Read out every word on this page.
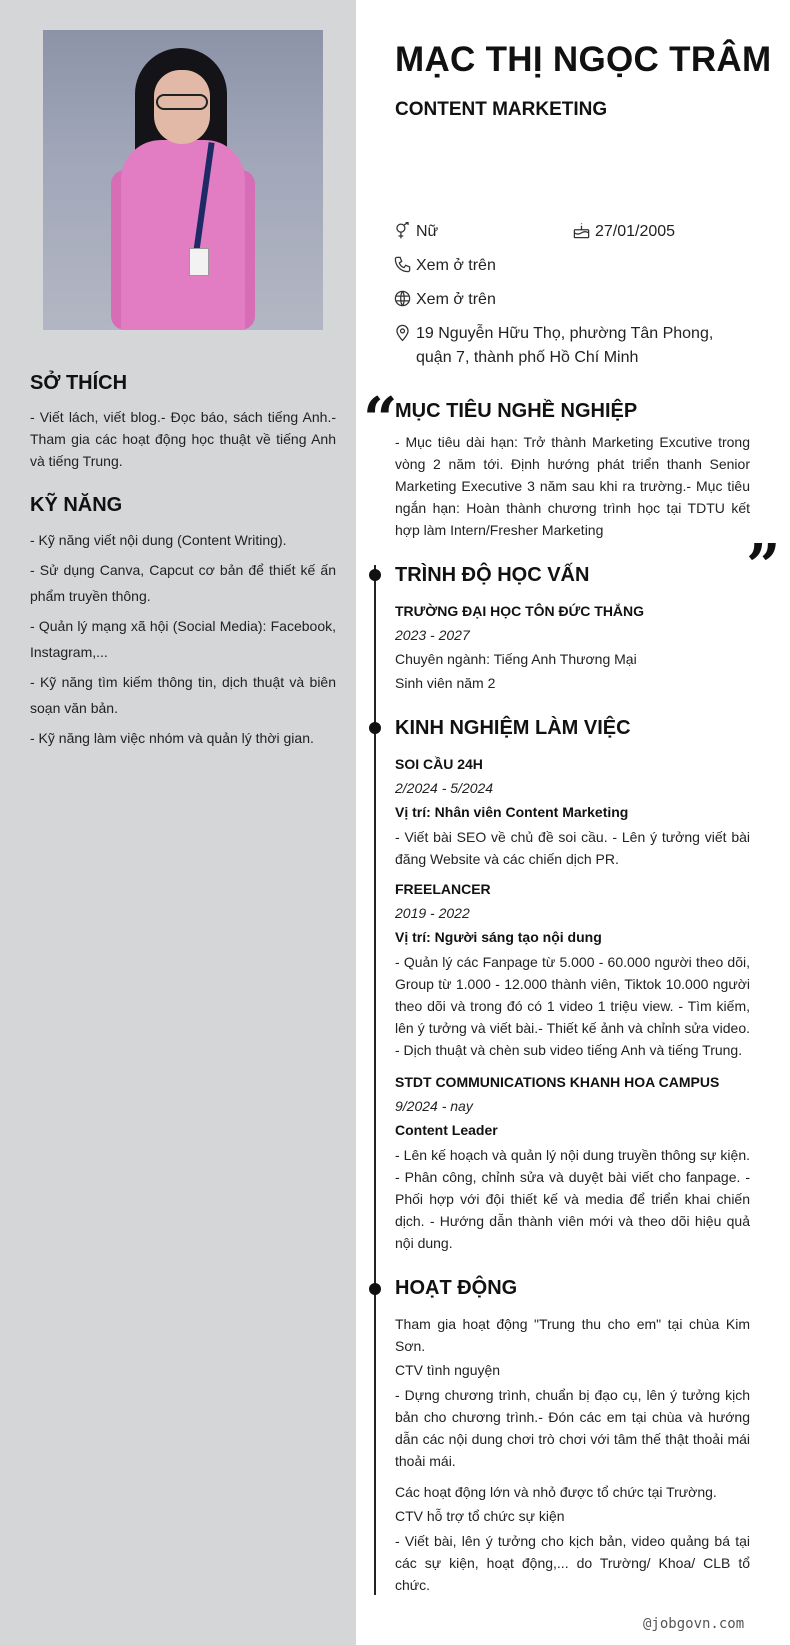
SỞ THÍCH

- Viết lách, viết blog.- Đọc báo, sách tiếng Anh.- Tham gia các hoạt động học thuật về tiếng Anh và tiếng Trung.

KỸ NĂNG

- Kỹ năng viết nội dung (Content Writing).

- Sử dụng Canva, Capcut cơ bản để thiết kế ấn phẩm truyền thông.

- Quản lý mạng xã hội (Social Media): Facebook, Instagram,...

- Kỹ năng tìm kiếm thông tin, dịch thuật và biên soạn văn bản.

- Kỹ năng làm việc nhóm và quản lý thời gian.

MẠC THỊ NGỌC TRÂM
CONTENT MARKETING
Nữ	27/01/2005
Xem ở trên
Xem ở trên
19 Nguyễn Hữu Thọ, phường Tân Phong, quận 7, thành phố Hồ Chí Minh
“
MỤC TIÊU NGHỀ NGHIỆP

- Mục tiêu dài hạn: Trở thành Marketing Excutive trong vòng 2 năm tới. Định hướng phát triển thanh Senior Marketing Executive 3 năm sau khi ra trường.- Mục tiêu ngắn hạn: Hoàn thành chương trình học tại TDTU kết hợp làm Intern/Fresher Marketing

”
TRÌNH ĐỘ HỌC VẤN
TRƯỜNG ĐẠI HỌC TÔN ĐỨC THẮNG
2023 - 2027
Chuyên ngành: Tiếng Anh Thương Mại
Sinh viên năm 2
KINH NGHIỆM LÀM VIỆC
SOI CẦU 24H
2/2024 - 5/2024
Vị trí: Nhân viên Content Marketing

- Viết bài SEO về chủ đề soi cầu. - Lên ý tưởng viết bài đăng Website và các chiến dịch PR.

FREELANCER
2019 - 2022
Vị trí: Người sáng tạo nội dung

- Quản lý các Fanpage từ 5.000 - 60.000 người theo dõi, Group từ 1.000 - 12.000 thành viên, Tiktok 10.000 người theo dõi và trong đó có 1 video 1 triệu view. - Tìm kiếm, lên ý tưởng và viết bài.- Thiết kế ảnh và chỉnh sửa video. - Dịch thuật và chèn sub video tiếng Anh và tiếng Trung.

STDT COMMUNICATIONS KHANH HOA CAMPUS
9/2024 - nay
Content Leader

- Lên kế hoạch và quản lý nội dung truyền thông sự kiện. - Phân công, chỉnh sửa và duyệt bài viết cho fanpage. - Phối hợp với đội thiết kế và media để triển khai chiến dịch. - Hướng dẫn thành viên mới và theo dõi hiệu quả nội dung.

HOẠT ĐỘNG

Tham gia hoạt động "Trung thu cho em" tại chùa Kim Sơn.

CTV tình nguyện

- Dựng chương trình, chuẩn bị đạo cụ, lên ý tưởng kịch bản cho chương trình.- Đón các em tại chùa và hướng dẫn các nội dung chơi trò chơi với tâm thế thật thoải mái thoải mái.

Các hoạt động lớn và nhỏ được tổ chức tại Trường.
CTV hỗ trợ tổ chức sự kiện

- Viết bài, lên ý tưởng cho kịch bản, video quảng bá tại các sự kiện, hoạt động,... do Trường/ Khoa/ CLB tổ chức.

@jobgovn.com
